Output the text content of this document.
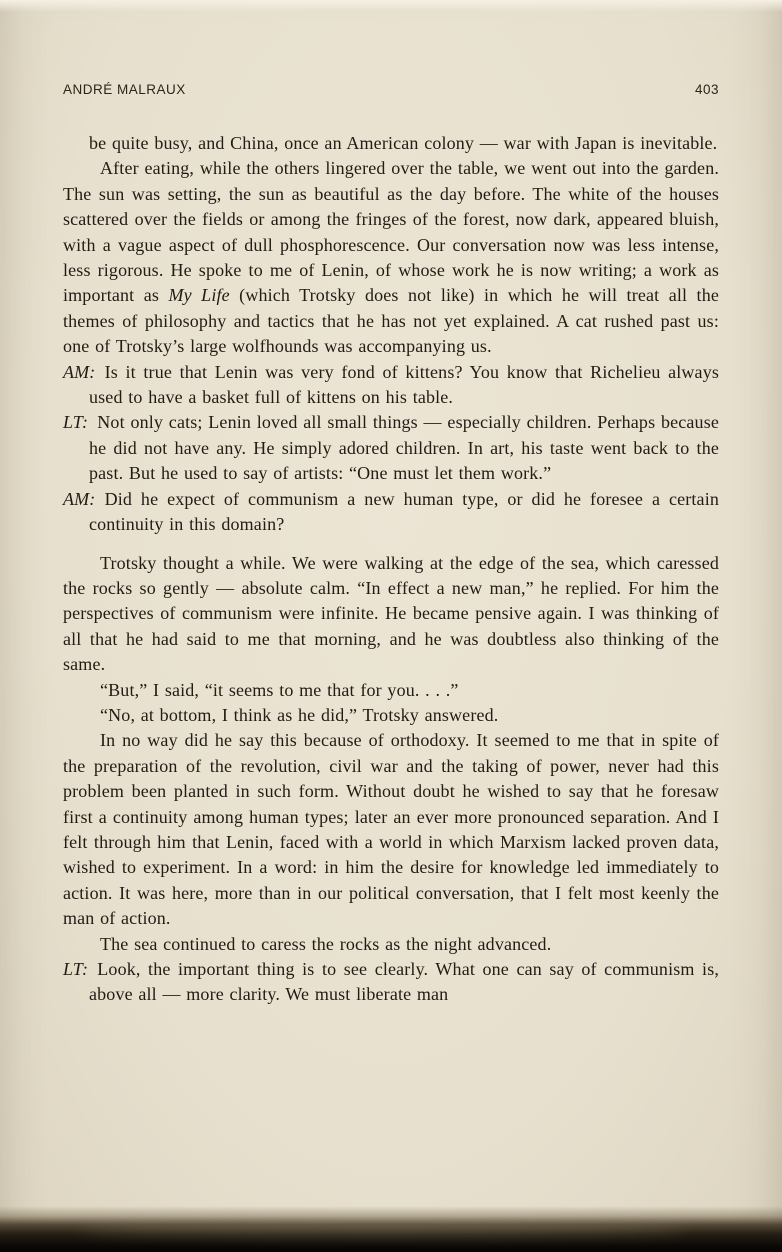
ANDRÉ MALRAUX	403

be quite busy, and China, once an American colony — war with Japan is inevitable.

After eating, while the others lingered over the table, we went out into the garden. The sun was setting, the sun as beautiful as the day before. The white of the houses scattered over the fields or among the fringes of the forest, now dark, appeared bluish, with a vague aspect of dull phosphorescence. Our conversation now was less intense, less rigorous. He spoke to me of Lenin, of whose work he is now writing; a work as important as My Life (which Trotsky does not like) in which he will treat all the themes of philosophy and tactics that he has not yet explained. A cat rushed past us: one of Trotsky’s large wolfhounds was accompanying us.

AM:  Is it true that Lenin was very fond of kittens? You know that Richelieu always used to have a basket full of kittens on his table.

LT:  Not only cats; Lenin loved all small things — especially children. Perhaps because he did not have any. He simply adored children. In art, his taste went back to the past. But he used to say of artists: “One must let them work.”

AM:  Did he expect of communism a new human type, or did he foresee a certain continuity in this domain?

Trotsky thought a while. We were walking at the edge of the sea, which caressed the rocks so gently — absolute calm. “In effect a new man,” he replied. For him the perspectives of communism were infinite. He became pensive again. I was thinking of all that he had said to me that morning, and he was doubtless also thinking of the same.

“But,” I said, “it seems to me that for you. . . .”

“No, at bottom, I think as he did,” Trotsky answered.

In no way did he say this because of orthodoxy. It seemed to me that in spite of the preparation of the revolution, civil war and the taking of power, never had this problem been planted in such form. Without doubt he wished to say that he foresaw first a continuity among human types; later an ever more pronounced separation. And I felt through him that Lenin, faced with a world in which Marxism lacked proven data, wished to experiment. In a word: in him the desire for knowledge led immediately to action. It was here, more than in our political conversation, that I felt most keenly the man of action.

The sea continued to caress the rocks as the night advanced.

LT:  Look, the important thing is to see clearly. What one can say of communism is, above all — more clarity. We must liberate man
